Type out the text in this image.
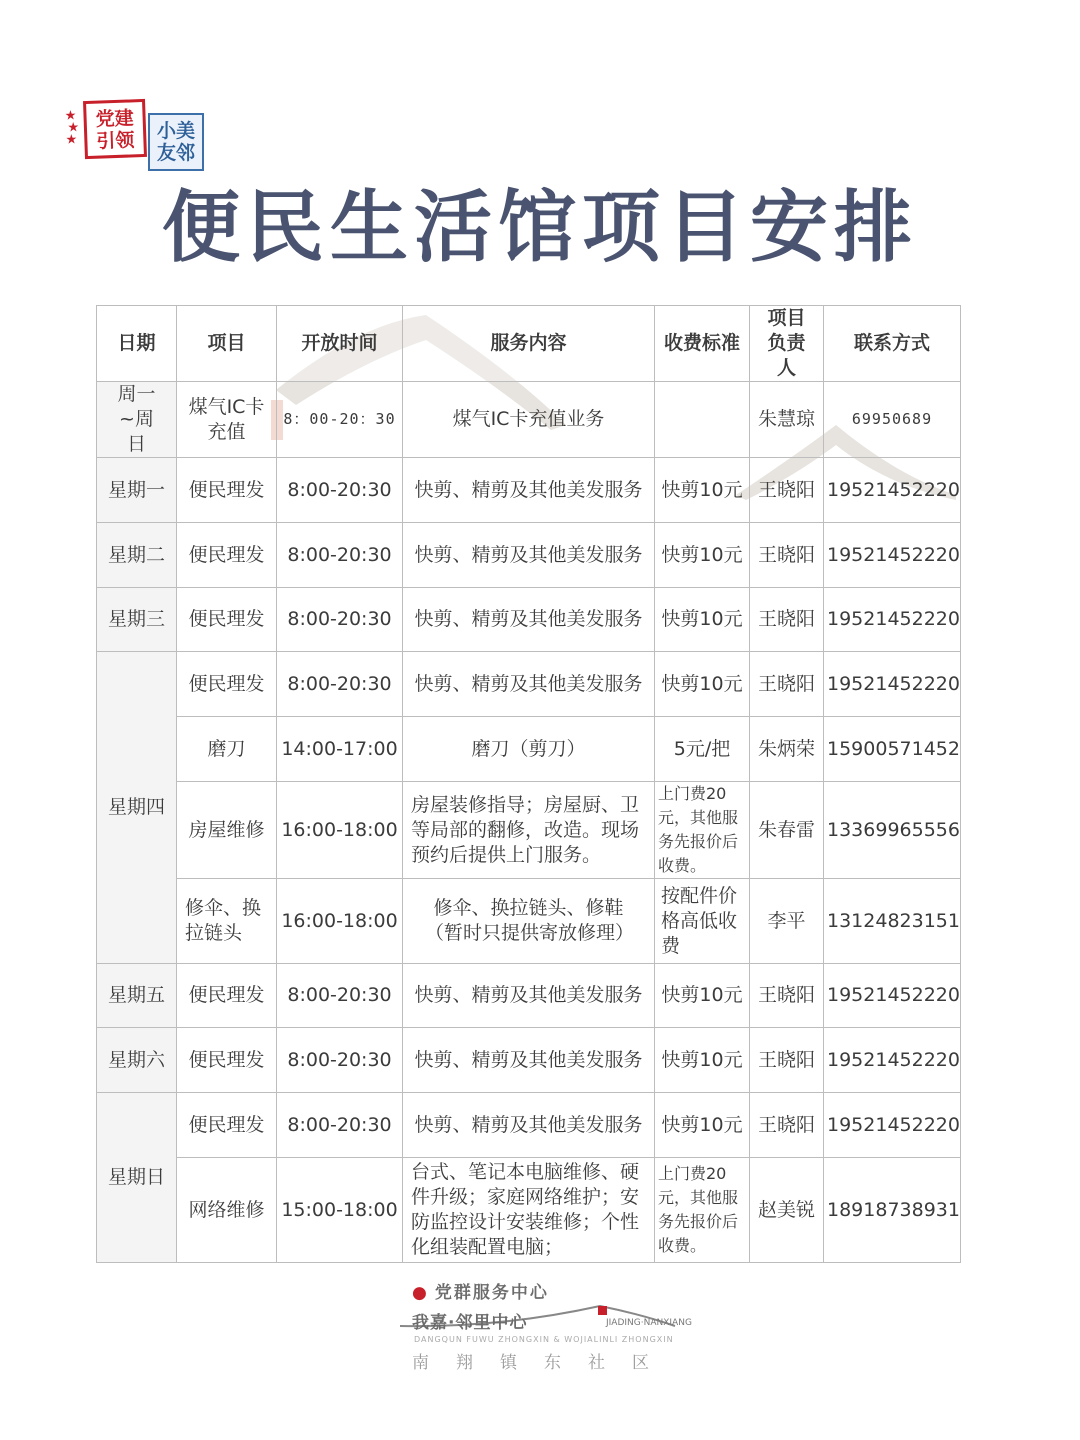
★
★
★
党建引领 小美友邻
便民生活馆项目安排
日期	项目	开放时间	服务内容	收费标准	项目负责人	联系方式
周一~周日	煤气IC卡充值	8：00-20：30	煤气IC卡充值业务		朱慧琼	69950689
星期一	便民理发	8:00-20:30	快剪、精剪及其他美发服务	快剪10元	王晓阳	19521452220
星期二	便民理发	8:00-20:30	快剪、精剪及其他美发服务	快剪10元	王晓阳	19521452220
星期三	便民理发	8:00-20:30	快剪、精剪及其他美发服务	快剪10元	王晓阳	19521452220
星期四	便民理发	8:00-20:30	快剪、精剪及其他美发服务	快剪10元	王晓阳	19521452220
	磨刀	14:00-17:00	磨刀（剪刀）	5元/把	朱炳荣	15900571452
	房屋维修	16:00-18:00	房屋装修指导；房屋厨、卫等局部的翻修，改造。现场预约后提供上门服务。	上门费20元，其他服务先报价后收费。	朱春雷	13369965556
	修伞、换拉链头	16:00-18:00	修伞、换拉链头、修鞋（暂时只提供寄放修理）	按配件价格高低收费	李平	13124823151
星期五	便民理发	8:00-20:30	快剪、精剪及其他美发服务	快剪10元	王晓阳	19521452220
星期六	便民理发	8:00-20:30	快剪、精剪及其他美发服务	快剪10元	王晓阳	19521452220
星期日	便民理发	8:00-20:30	快剪、精剪及其他美发服务	快剪10元	王晓阳	19521452220
	网络维修	15:00-18:00	台式、笔记本电脑维修、硬件升级；家庭网络维护；安防监控设计安装维修；个性化组装配置电脑；	上门费20元，其他服务先报价后收费。	赵美锐	18918738931
● 党群服务中心
我嘉·邻里中心	JIADING·NANXIANG
DANGQUN FUWU ZHONGXIN & WOJIALINLI ZHONGXIN
南翔镇东社区
